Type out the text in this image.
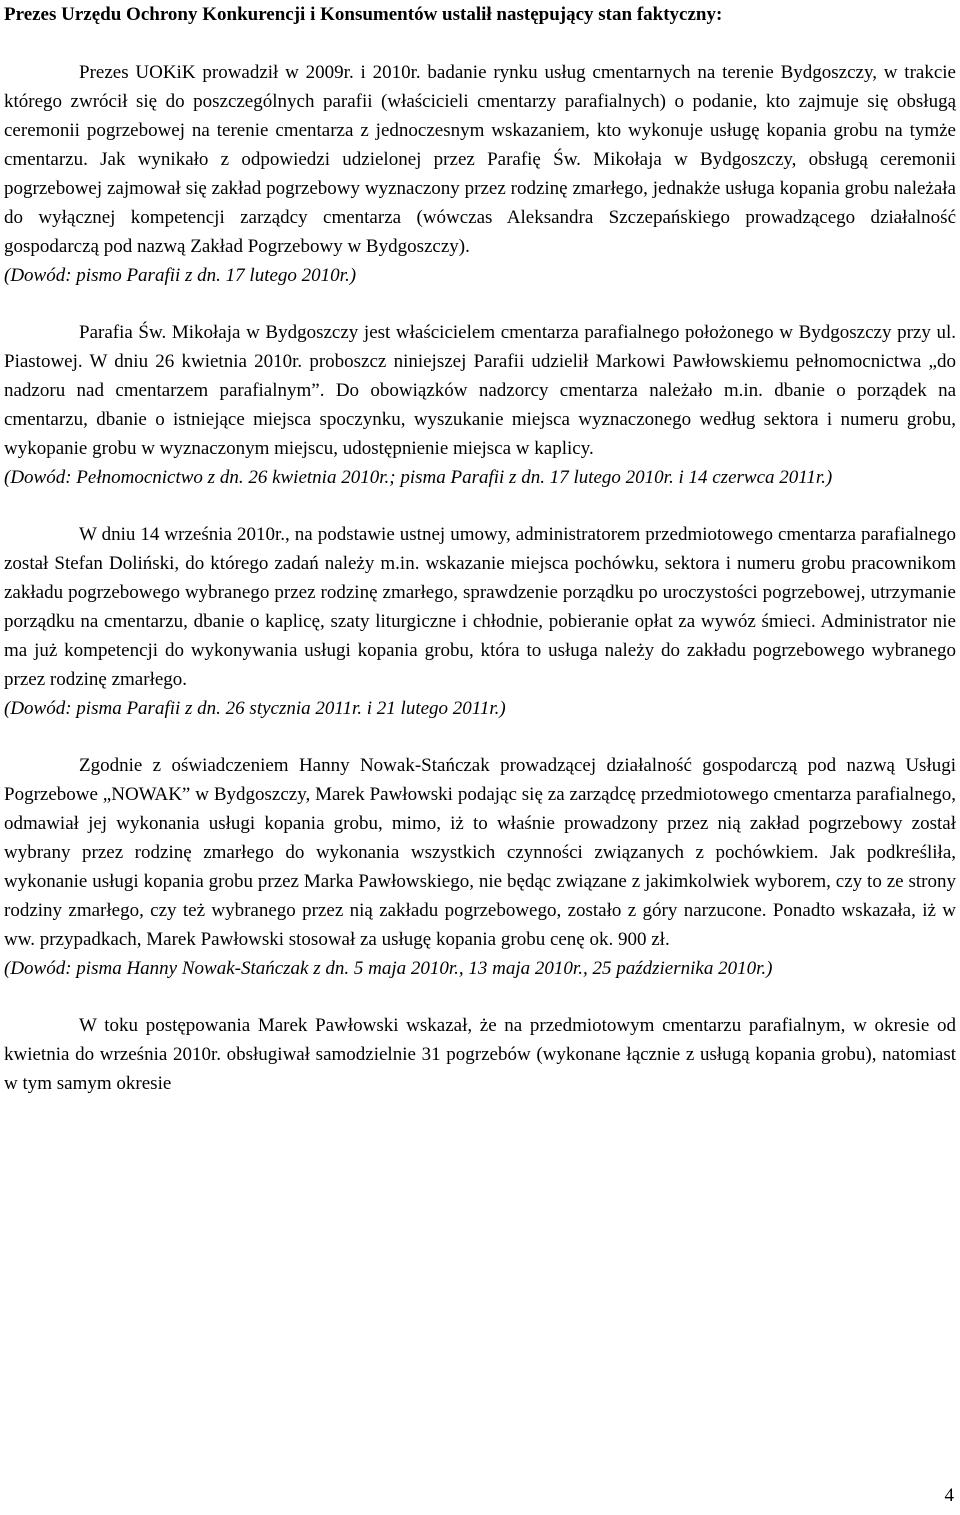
Prezes Urzędu Ochrony Konkurencji i Konsumentów ustalił następujący stan faktyczny:

Prezes UOKiK prowadził w 2009r. i 2010r. badanie rynku usług cmentarnych na terenie Bydgoszczy, w trakcie którego zwrócił się do poszczególnych parafii (właścicieli cmentarzy parafialnych) o podanie, kto zajmuje się obsługą ceremonii pogrzebowej na terenie cmentarza z jednoczesnym wskazaniem, kto wykonuje usługę kopania grobu na tymże cmentarzu. Jak wynikało z odpowiedzi udzielonej przez Parafię Św. Mikołaja w Bydgoszczy, obsługą ceremonii pogrzebowej zajmował się zakład pogrzebowy wyznaczony przez rodzinę zmarłego, jednakże usługa kopania grobu należała do wyłącznej kompetencji zarządcy cmentarza (wówczas Aleksandra Szczepańskiego prowadzącego działalność gospodarczą pod nazwą Zakład Pogrzebowy w Bydgoszczy).

(Dowód: pismo Parafii z dn. 17 lutego 2010r.)

Parafia Św. Mikołaja w Bydgoszczy jest właścicielem cmentarza parafialnego położonego w Bydgoszczy przy ul. Piastowej. W dniu 26 kwietnia 2010r. proboszcz niniejszej Parafii udzielił Markowi Pawłowskiemu pełnomocnictwa „do nadzoru nad cmentarzem parafialnym”. Do obowiązków nadzorcy cmentarza należało m.in. dbanie o porządek na cmentarzu, dbanie o istniejące miejsca spoczynku, wyszukanie miejsca wyznaczonego według sektora i numeru grobu, wykopanie grobu w wyznaczonym miejscu, udostępnienie miejsca w kaplicy.

(Dowód: Pełnomocnictwo z dn. 26 kwietnia 2010r.; pisma Parafii z dn. 17 lutego 2010r. i 14 czerwca 2011r.)

W dniu 14 września 2010r., na podstawie ustnej umowy, administratorem przedmiotowego cmentarza parafialnego został Stefan Doliński, do którego zadań należy m.in. wskazanie miejsca pochówku, sektora i numeru grobu pracownikom zakładu pogrzebowego wybranego przez rodzinę zmarłego, sprawdzenie porządku po uroczystości pogrzebowej, utrzymanie porządku na cmentarzu, dbanie o kaplicę, szaty liturgiczne i chłodnie, pobieranie opłat za wywóz śmieci. Administrator nie ma już kompetencji do wykonywania usługi kopania grobu, która to usługa należy do zakładu pogrzebowego wybranego przez rodzinę zmarłego.

(Dowód: pisma Parafii z dn. 26 stycznia 2011r. i 21 lutego 2011r.)

Zgodnie z oświadczeniem Hanny Nowak-Stańczak prowadzącej działalność gospodarczą pod nazwą Usługi Pogrzebowe „NOWAK” w Bydgoszczy, Marek Pawłowski podając się za zarządcę przedmiotowego cmentarza parafialnego, odmawiał jej wykonania usługi kopania grobu, mimo, iż to właśnie prowadzony przez nią zakład pogrzebowy został wybrany przez rodzinę zmarłego do wykonania wszystkich czynności związanych z pochówkiem. Jak podkreśliła, wykonanie usługi kopania grobu przez Marka Pawłowskiego, nie będąc związane z jakimkolwiek wyborem, czy to ze strony rodziny zmarłego, czy też wybranego przez nią zakładu pogrzebowego, zostało z góry narzucone. Ponadto wskazała, iż w ww. przypadkach, Marek Pawłowski stosował za usługę kopania grobu cenę ok. 900 zł.

(Dowód: pisma Hanny Nowak-Stańczak z dn. 5 maja 2010r., 13 maja 2010r., 25 października 2010r.)

W toku postępowania Marek Pawłowski wskazał, że na przedmiotowym cmentarzu parafialnym, w okresie od kwietnia do września 2010r. obsługiwał samodzielnie 31 pogrzebów (wykonane łącznie z usługą kopania grobu), natomiast w tym samym okresie

4
